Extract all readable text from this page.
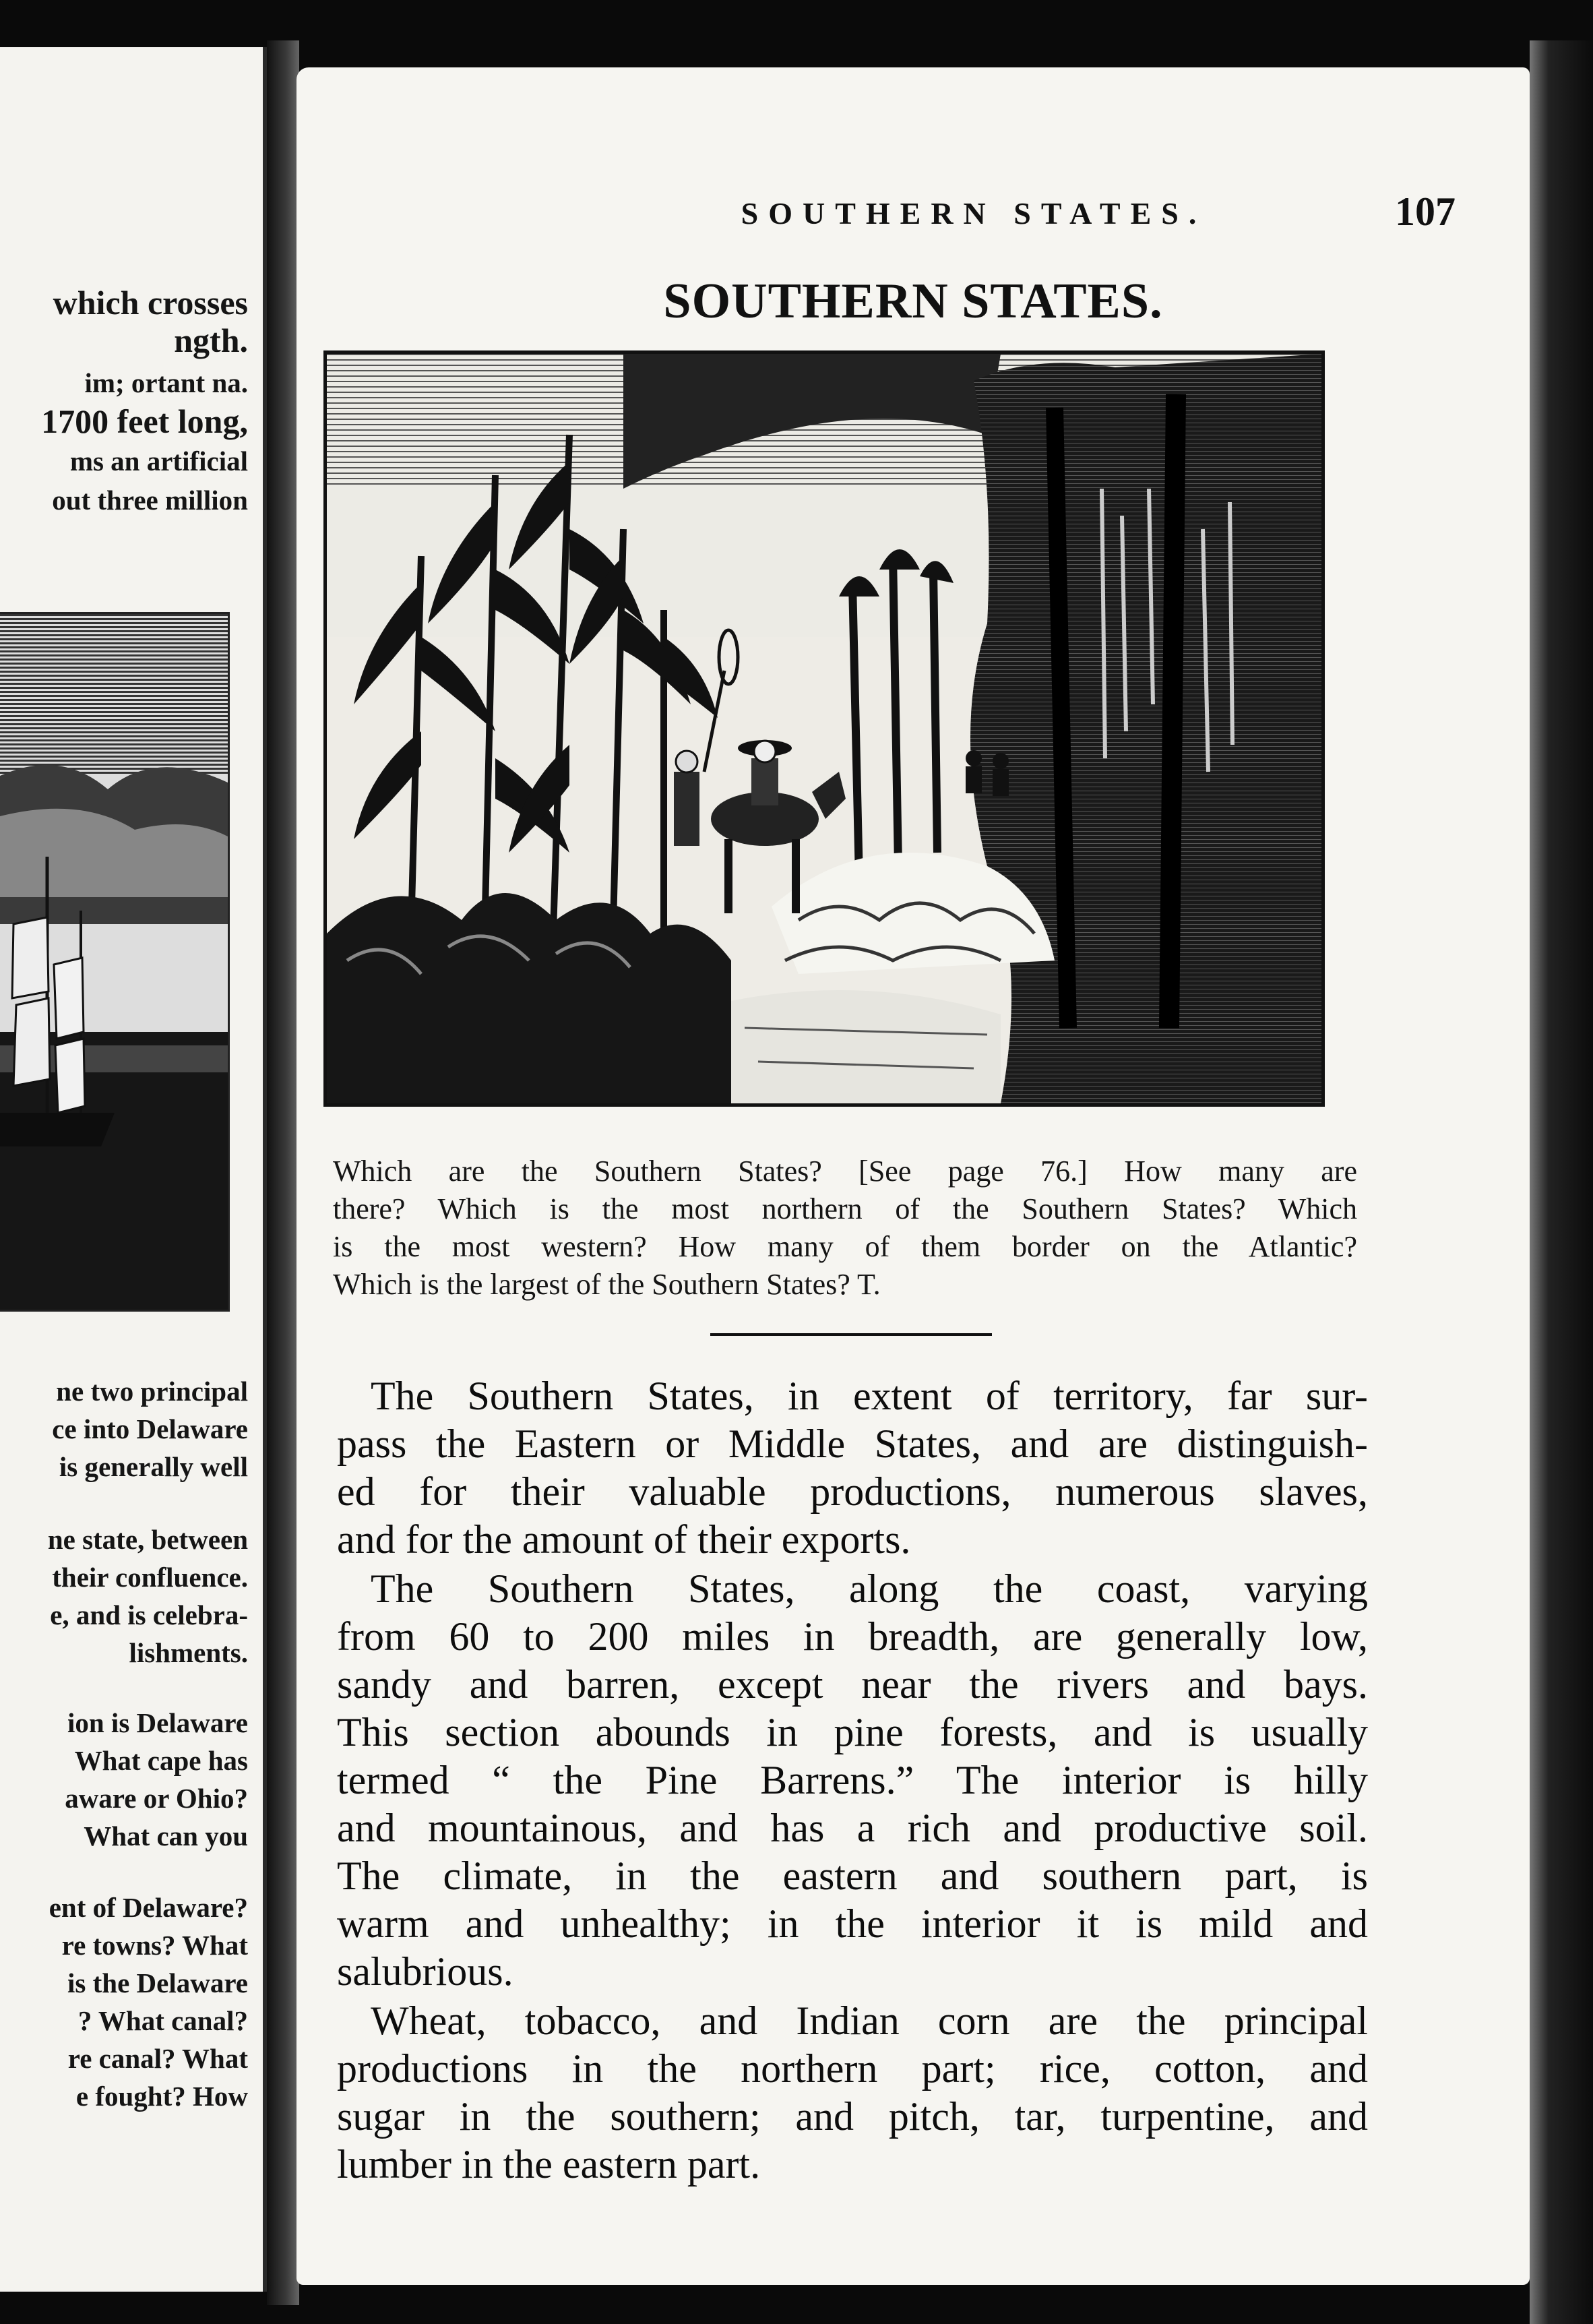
which crosses
ngth.
im; ortant na.
1700 feet long,
ms an artificial
out three million
ne two principal
ce into Delaware
is generally well
ne state, between
their confluence.
e, and is celebra-
lishments.
ion is Delaware
What cape has
aware or Ohio?
What can you
ent of Delaware?
re towns? What
is the Delaware
? What canal?
re canal? What
e fought? How
SOUTHERN STATES.	107
SOUTHERN STATES.
Which are the Southern States? [See page 76.] How many are
there? Which is the most northern of the Southern States? Which
is the most western? How many of them border on the Atlantic?
Which is the largest of the Southern States? T.

The Southern States, in extent of territory, far sur-
pass the Eastern or Middle States, and are distinguish-
ed for their valuable productions, numerous slaves,
and for the amount of their exports.

The Southern States, along the coast, varying
from 60 to 200 miles in breadth, are generally low,
sandy and barren, except near the rivers and bays.
This section abounds in pine forests, and is usually
termed “ the Pine Barrens.” The interior is hilly
and mountainous, and has a rich and productive soil.
The climate, in the eastern and southern part, is
warm and unhealthy; in the interior it is mild and
salubrious.

Wheat, tobacco, and Indian corn are the principal
productions in the northern part; rice, cotton, and
sugar in the southern; and pitch, tar, turpentine, and
lumber in the eastern part.
